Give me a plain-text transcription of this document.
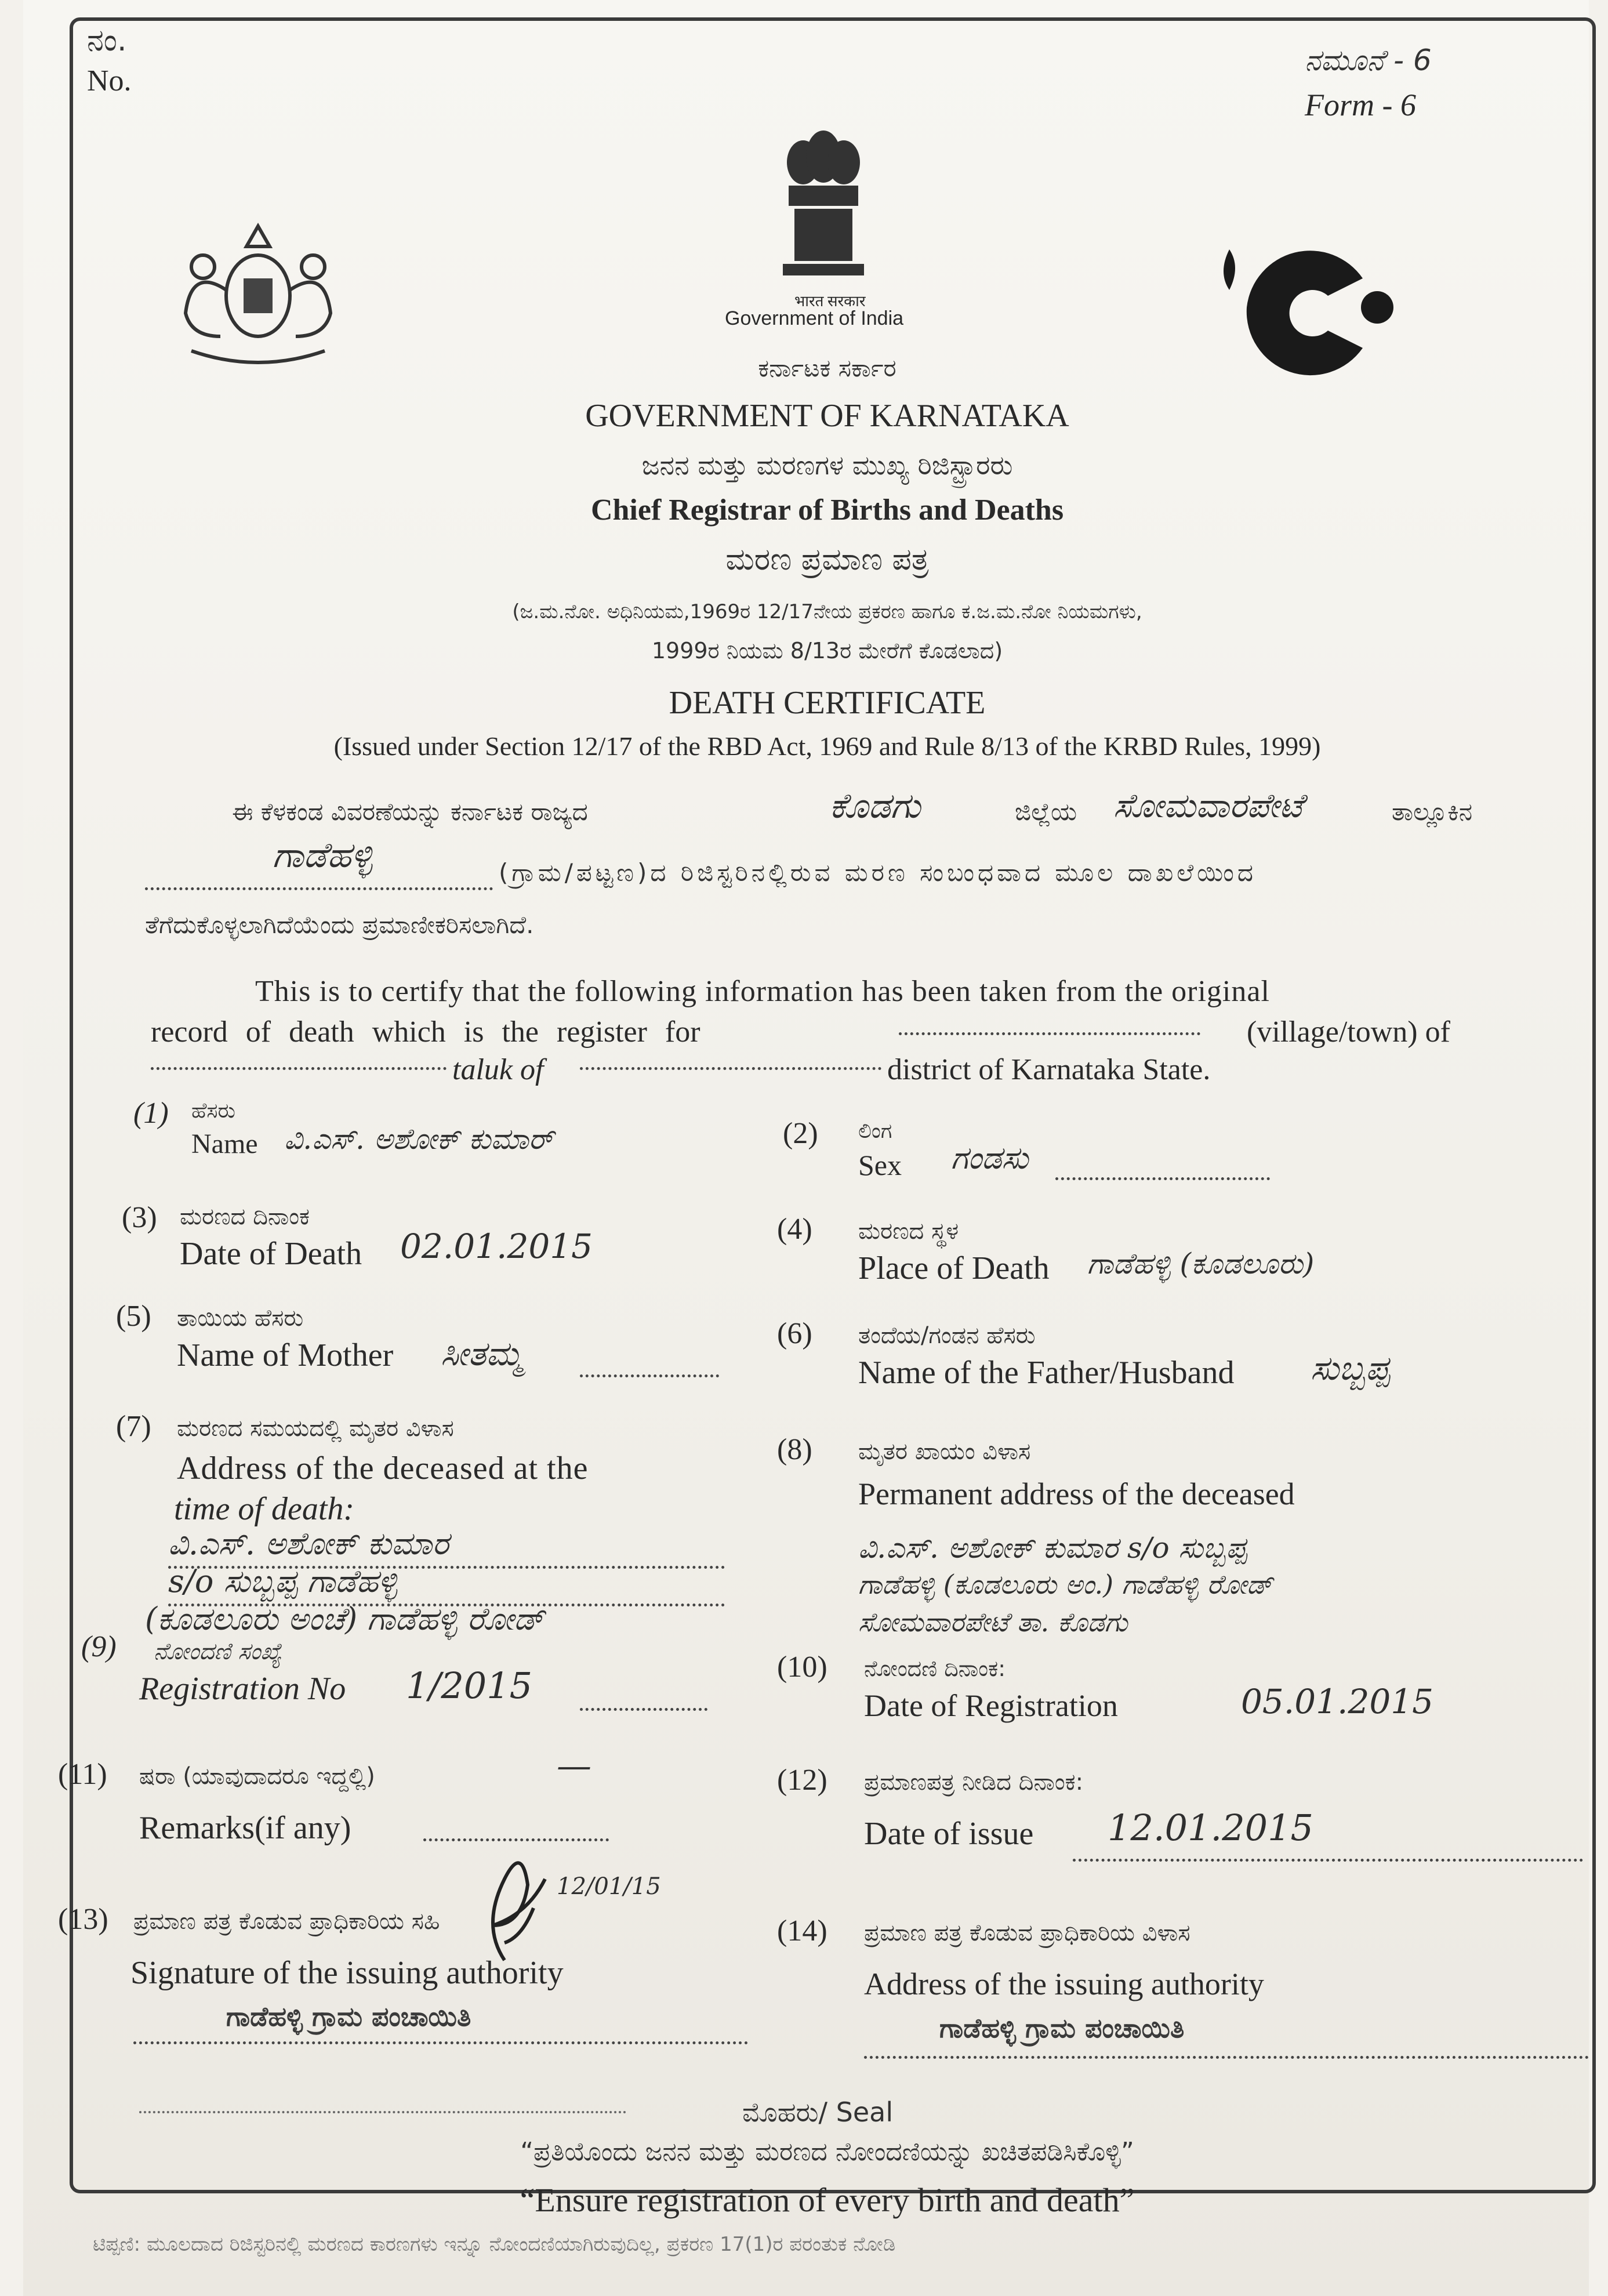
ನಂ.
No.
ನಮೂನೆ - 6
Form - 6
भारत सरकार
Government of India
ಕರ್ನಾಟಕ ಸರ್ಕಾರ
GOVERNMENT OF KARNATAKA
ಜನನ ಮತ್ತು ಮರಣಗಳ ಮುಖ್ಯ ರಿಜಿಸ್ಟ್ರಾರರು
Chief Registrar of Births and Deaths
ಮರಣ ಪ್ರಮಾಣ ಪತ್ರ
(ಜ.ಮ.ನೋ. ಅಧಿನಿಯಮ,1969ರ 12/17ನೇಯ ಪ್ರಕರಣ ಹಾಗೂ ಕ.ಜ.ಮ.ನೋ ನಿಯಮಗಳು,
1999ರ ನಿಯಮ 8/13ರ ಮೇರೆಗೆ ಕೊಡಲಾದ)
DEATH CERTIFICATE
(Issued under Section 12/17 of the RBD Act, 1969 and Rule 8/13 of the KRBD Rules, 1999)
ಈ ಕೆಳಕಂಡ ವಿವರಣೆಯನ್ನು ಕರ್ನಾಟಕ ರಾಜ್ಯದ	ಕೊಡಗು	ಜಿಲ್ಲೆಯ ಸೋಮವಾರಪೇಟೆ	ತಾಲ್ಲೂಕಿನ
ಗಾಡೆಹಳ್ಳಿ	(ಗ್ರಾಮ/ಪಟ್ಟಣ)ದ ರಿಜಿಸ್ಟರಿನಲ್ಲಿರುವ ಮರಣ ಸಂಬಂಧವಾದ ಮೂಲ ದಾಖಲೆಯಿಂದ
ತೆಗೆದುಕೊಳ್ಳಲಾಗಿದೆಯೆಂದು ಪ್ರಮಾಣೀಕರಿಸಲಾಗಿದೆ.
This is to certify that the following information has been taken from the original
record of death which is the register for	(village/town) of
taluk of	district of Karnataka State.
(1) ಹೆಸರು
Name ವಿ.ಎಸ್. ಅಶೋಕ್ ಕುಮಾರ್	(2) ಲಿಂಗ
Sex ಗಂಡಸು
(3) ಮರಣದ ದಿನಾಂಕ
Date of Death 02.01.2015	(4) ಮರಣದ ಸ್ಥಳ
Place of Death ಗಾಡೆಹಳ್ಳಿ (ಕೂಡಲೂರು)
(5) ತಾಯಿಯ ಹೆಸರು
Name of Mother ಸೀತಮ್ಮ
(6) ತಂದೆಯ/ಗಂಡನ ಹೆಸರು
Name of the Father/Husband ಸುಬ್ಬಪ್ಪ
(7) ಮರಣದ ಸಮಯದಲ್ಲಿ ಮೃತರ ವಿಳಾಸ
Address of the deceased at the
time of death:
ವಿ.ಎಸ್. ಅಶೋಕ್ ಕುಮಾರ
s/o ಸುಬ್ಬಪ್ಪ ಗಾಡೆಹಳ್ಳಿ
(ಕೂಡಲೂರು ಅಂಚೆ) ಗಾಡೆಹಳ್ಳಿ ರೋಡ್
(8) ಮೃತರ ಖಾಯಂ ವಿಳಾಸ
Permanent address of the deceased
ವಿ.ಎಸ್. ಅಶೋಕ್ ಕುಮಾರ s/o ಸುಬ್ಬಪ್ಪ
ಗಾಡೆಹಳ್ಳಿ (ಕೂಡಲೂರು ಅಂ.) ಗಾಡೆಹಳ್ಳಿ ರೋಡ್
ಸೋಮವಾರಪೇಟೆ ತಾ. ಕೊಡಗು
(9) ನೋಂದಣಿ ಸಂಖ್ಯೆ
Registration No 1/2015	(10) ನೋಂದಣಿ ದಿನಾಂಕ:
Date of Registration	05.01.2015
(11) ಷರಾ (ಯಾವುದಾದರೂ ಇದ್ದಲ್ಲಿ)	—
Remarks(if any)
(12) ಪ್ರಮಾಣಪತ್ರ ನೀಡಿದ ದಿನಾಂಕ:
Date of issue 12.01.2015
(13) ಪ್ರಮಾಣ ಪತ್ರ ಕೊಡುವ ಪ್ರಾಧಿಕಾರಿಯ ಸಹಿ
Signature of the issuing authority
12/01/15
ಗಾಡೆಹಳ್ಳಿ ಗ್ರಾಮ ಪಂಚಾಯಿತಿ
(14) ಪ್ರಮಾಣ ಪತ್ರ ಕೊಡುವ ಪ್ರಾಧಿಕಾರಿಯ ವಿಳಾಸ
Address of the issuing authority
ಗಾಡೆಹಳ್ಳಿ ಗ್ರಾಮ ಪಂಚಾಯಿತಿ
ಮೊಹರು/ Seal
“ಪ್ರತಿಯೊಂದು ಜನನ ಮತ್ತು ಮರಣದ ನೋಂದಣಿಯನ್ನು ಖಚಿತಪಡಿಸಿಕೊಳ್ಳಿ”
“Ensure registration of every birth and death”
ಟಿಪ್ಪಣಿ: ಮೂಲದಾದ ರಿಜಿಸ್ಟರಿನಲ್ಲಿ ಮರಣದ ಕಾರಣಗಳು ಇನ್ನೂ ನೋಂದಣಿಯಾಗಿರುವುದಿಲ್ಲ, ಪ್ರಕರಣ 17(1)ರ ಪರಂತುಕ ನೋಡಿ
